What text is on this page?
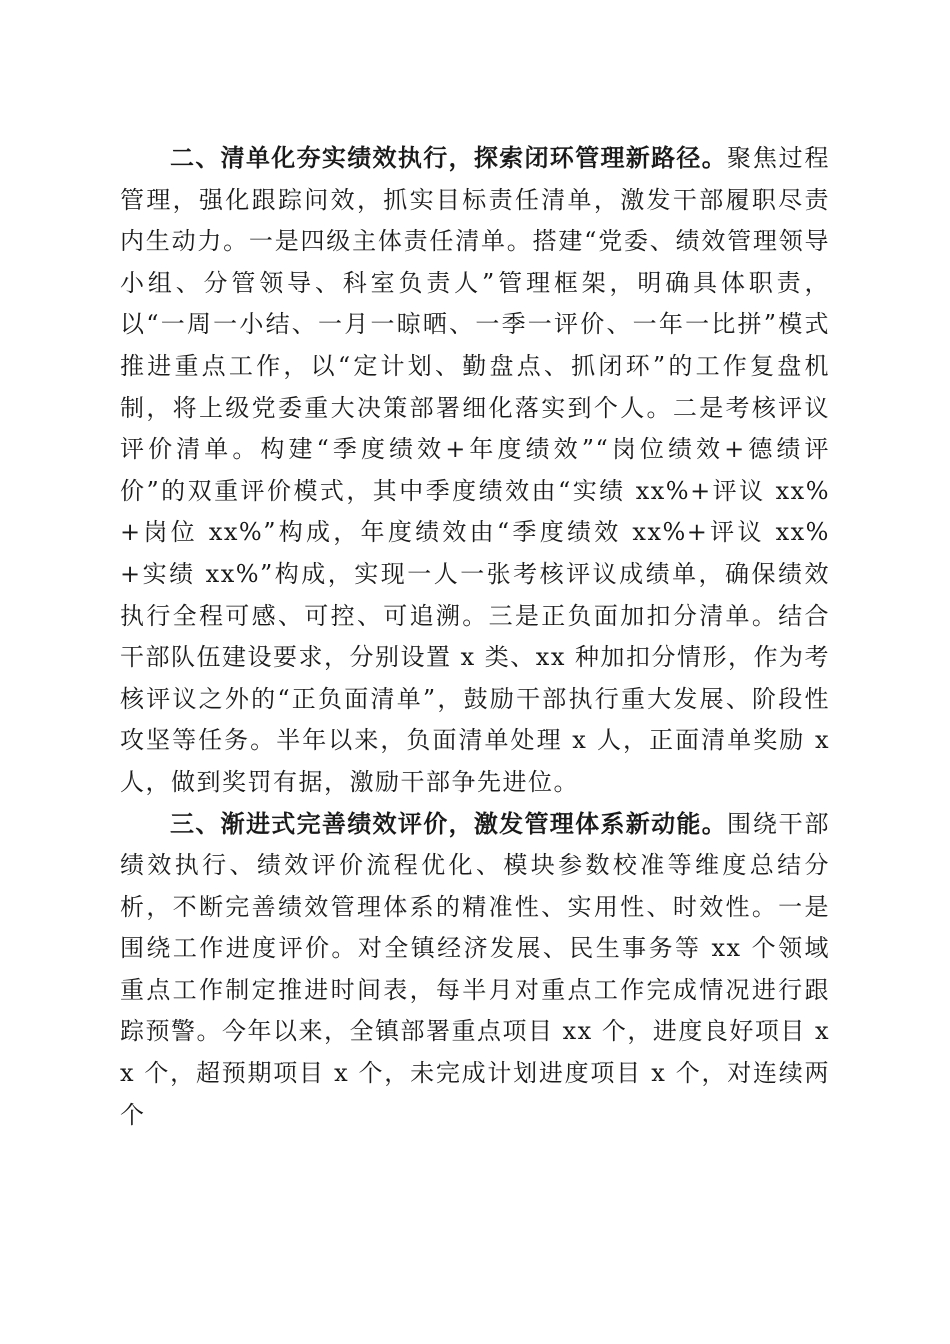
二、清单化夯实绩效执行，探索闭环管理新路径。聚焦过程管理，强化跟踪问效，抓实目标责任清单，激发干部履职尽责内生动力。一是四级主体责任清单。搭建“党委、绩效管理领导小组、分管领导、科室负责人”管理框架，明确具体职责，以“一周一小结、一月一晾晒、一季一评价、一年一比拼”模式推进重点工作，以“定计划、勤盘点、抓闭环”的工作复盘机制，将上级党委重大决策部署细化落实到个人。二是考核评议评价清单。构建“季度绩效+年度绩效”“岗位绩效+德绩评价”的双重评价模式，其中季度绩效由“实绩 xx%+评议 xx%+岗位 xx%”构成，年度绩效由“季度绩效 xx%+评议 xx%+实绩 xx%”构成，实现一人一张考核评议成绩单，确保绩效执行全程可感、可控、可追溯。三是正负面加扣分清单。结合干部队伍建设要求，分别设置 x 类、xx 种加扣分情形，作为考核评议之外的“正负面清单”，鼓励干部执行重大发展、阶段性攻坚等任务。半年以来，负面清单处理 x 人，正面清单奖励 x 人，做到奖罚有据，激励干部争先进位。

三、渐进式完善绩效评价，激发管理体系新动能。围绕干部绩效执行、绩效评价流程优化、模块参数校准等维度总结分析，不断完善绩效管理体系的精准性、实用性、时效性。一是围绕工作进度评价。对全镇经济发展、民生事务等 xx 个领域重点工作制定推进时间表，每半月对重点工作完成情况进行跟踪预警。今年以来，全镇部署重点项目 xx 个，进度良好项目 xx 个，超预期项目 x 个，未完成计划进度项目 x 个，对连续两个
